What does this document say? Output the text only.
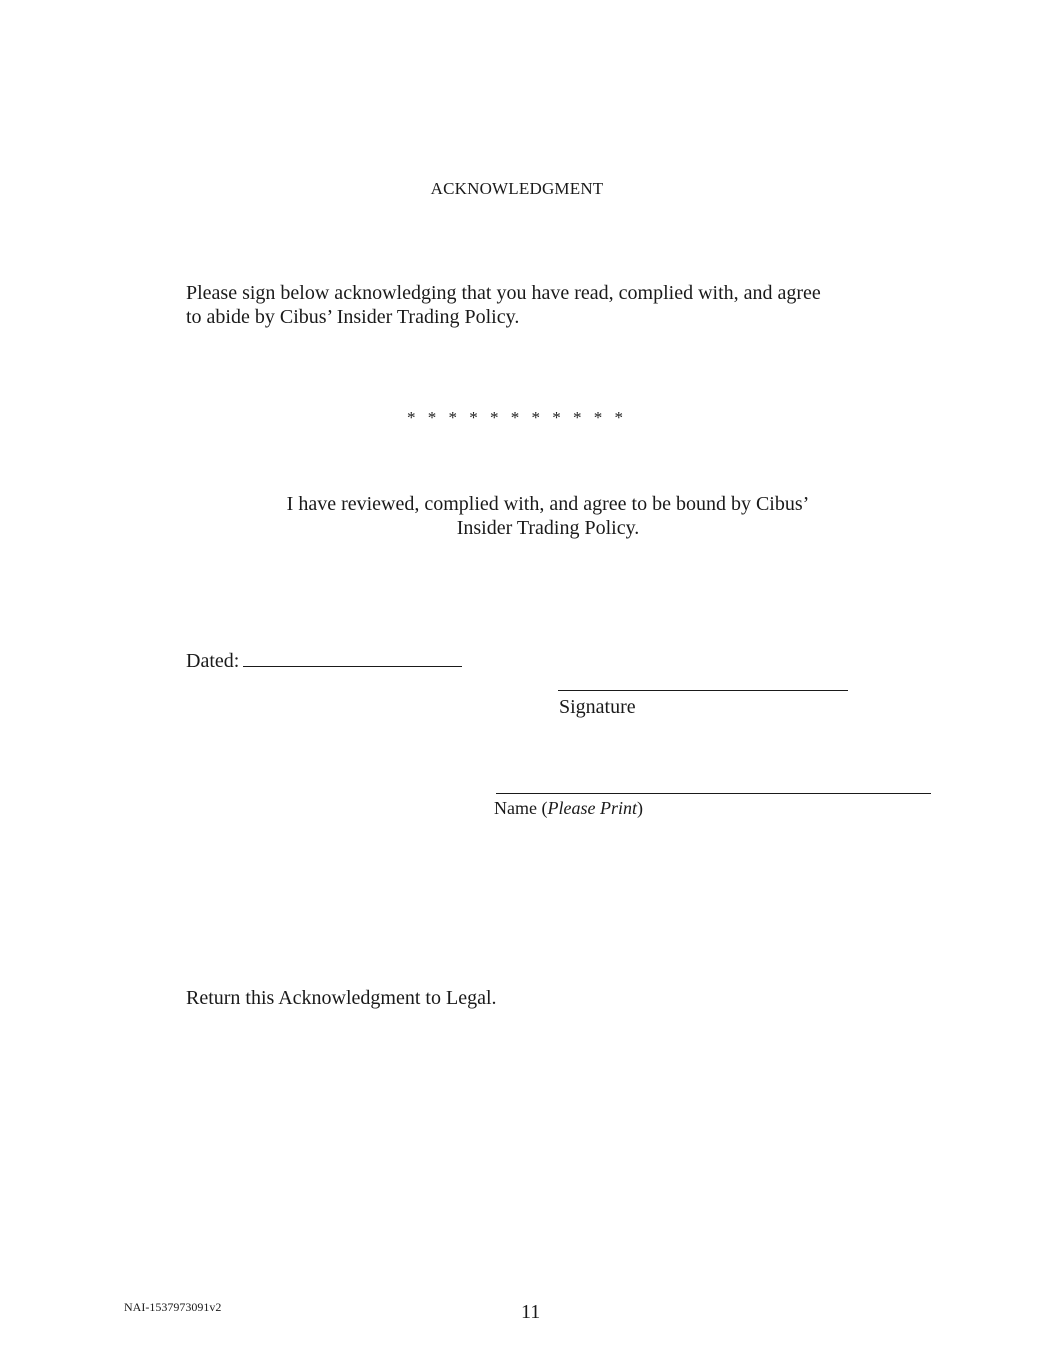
ACKNOWLEDGMENT
Please sign below acknowledging that you have read, complied with, and agree
to abide by Cibus’ Insider Trading Policy.
* * * * * * * * * * *
I have reviewed, complied with, and agree to be bound by Cibus’
Insider Trading Policy.
Dated:
Signature
Name (Please Print)
Return this Acknowledgment to Legal.
NAI-1537973091v2	11
